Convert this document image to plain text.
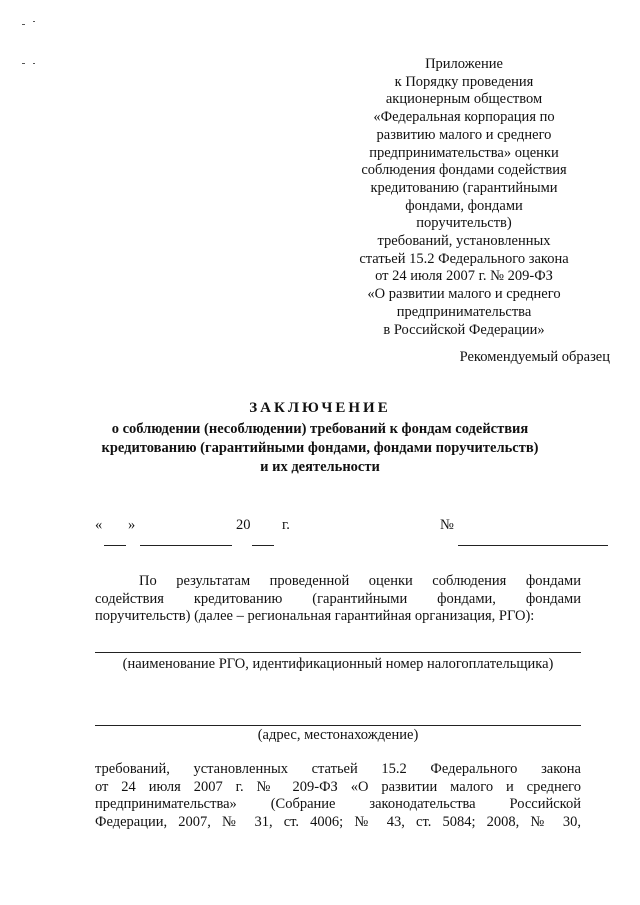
Приложение
к Порядку проведения
акционерным обществом
«Федеральная корпорация по
развитию малого и среднего
предпринимательства» оценки
соблюдения фондами содействия
кредитованию (гарантийными
фондами, фондами
поручительств)
требований, установленных
статьей 15.2 Федерального закона
от 24 июля 2007 г. № 209-ФЗ
«О развитии малого и среднего
предпринимательства
в Российской Федерации»
Рекомендуемый образец
ЗАКЛЮЧЕНИЕ
о соблюдении (несоблюдении) требований к фондам содействия
кредитованию (гарантийными фондами, фондами поручительств)
и их деятельности
« »	20 г.	№
По результатам проведенной оценки соблюдения фондами
содействия кредитованию (гарантийными фондами, фондами
поручительств) (далее – региональная гарантийная организация, РГО):
(наименование РГО, идентификационный номер налогоплательщика)
(адрес, местонахождение)
требований, установленных статьей 15.2 Федерального закона
от 24 июля 2007 г. № 209-ФЗ «О развитии малого и среднего
предпринимательства» (Собрание законодательства Российской
Федерации, 2007, № 31, ст. 4006; № 43, ст. 5084; 2008, № 30,
